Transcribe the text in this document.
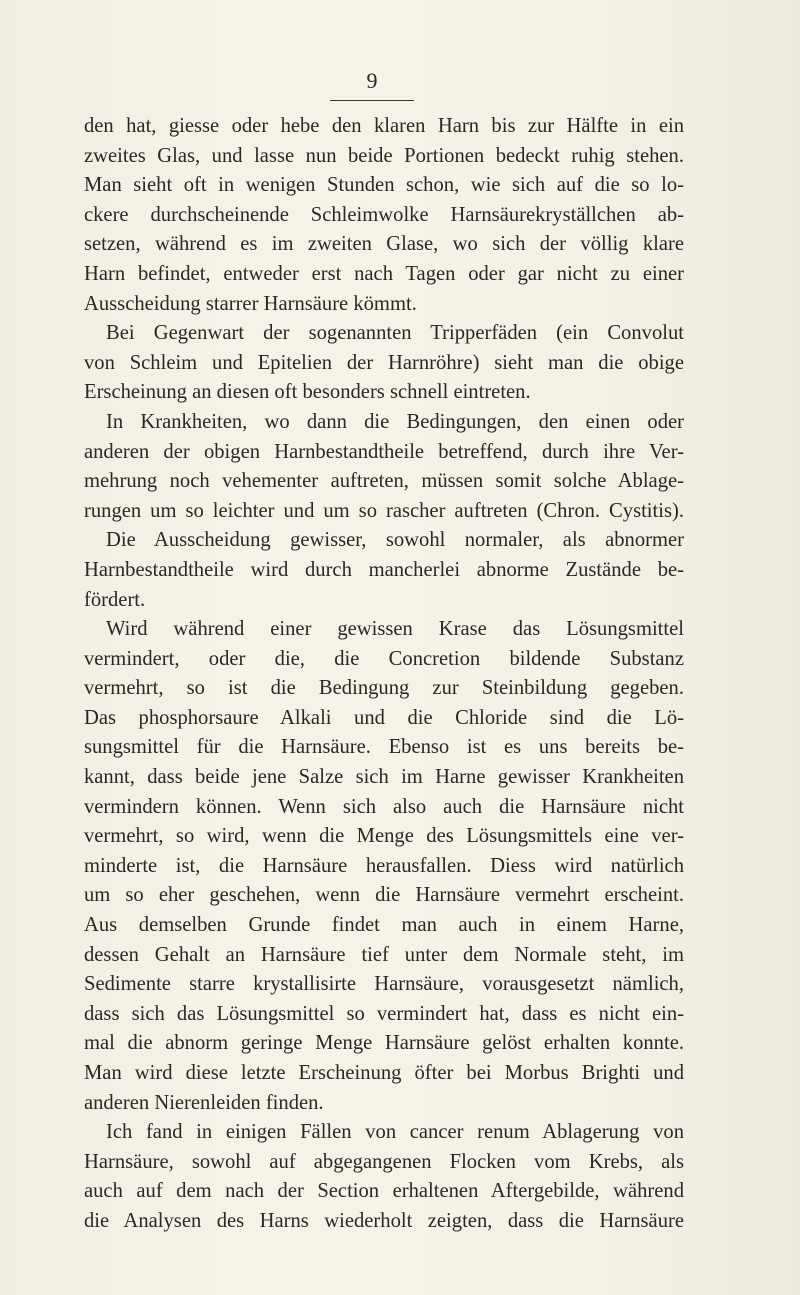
9
den hat, giesse oder hebe den klaren Harn bis zur Hälfte in ein
zweites Glas, und lasse nun beide Portionen bedeckt ruhig stehen.
Man sieht oft in wenigen Stunden schon, wie sich auf die so lo-
ckere durchscheinende Schleimwolke Harnsäurekryställchen ab-
setzen, während es im zweiten Glase, wo sich der völlig klare
Harn befindet, entweder erst nach Tagen oder gar nicht zu einer
Ausscheidung starrer Harnsäure kömmt.
Bei Gegenwart der sogenannten Tripperfäden (ein Convolut
von Schleim und Epitelien der Harnröhre) sieht man die obige
Erscheinung an diesen oft besonders schnell eintreten.
In Krankheiten, wo dann die Bedingungen, den einen oder
anderen der obigen Harnbestandtheile betreffend, durch ihre Ver-
mehrung noch vehementer auftreten, müssen somit solche Ablage-
rungen um so leichter und um so rascher auftreten (Chron. Cystitis).
Die Ausscheidung gewisser, sowohl normaler, als abnormer
Harnbestandtheile wird durch mancherlei abnorme Zustände be-
fördert.
Wird während einer gewissen Krase das Lösungsmittel
vermindert, oder die, die Concretion bildende Substanz
vermehrt, so ist die Bedingung zur Steinbildung gegeben.
Das phosphorsaure Alkali und die Chloride sind die Lö-
sungsmittel für die Harnsäure. Ebenso ist es uns bereits be-
kannt, dass beide jene Salze sich im Harne gewisser Krankheiten
vermindern können. Wenn sich also auch die Harnsäure nicht
vermehrt, so wird, wenn die Menge des Lösungsmittels eine ver-
minderte ist, die Harnsäure herausfallen. Diess wird natürlich
um so eher geschehen, wenn die Harnsäure vermehrt erscheint.
Aus demselben Grunde findet man auch in einem Harne,
dessen Gehalt an Harnsäure tief unter dem Normale steht, im
Sedimente starre krystallisirte Harnsäure, vorausgesetzt nämlich,
dass sich das Lösungsmittel so vermindert hat, dass es nicht ein-
mal die abnorm geringe Menge Harnsäure gelöst erhalten konnte.
Man wird diese letzte Erscheinung öfter bei Morbus Brighti und
anderen Nierenleiden finden.
Ich fand in einigen Fällen von cancer renum Ablagerung von
Harnsäure, sowohl auf abgegangenen Flocken vom Krebs, als
auch auf dem nach der Section erhaltenen Aftergebilde, während
die Analysen des Harns wiederholt zeigten, dass die Harnsäure
